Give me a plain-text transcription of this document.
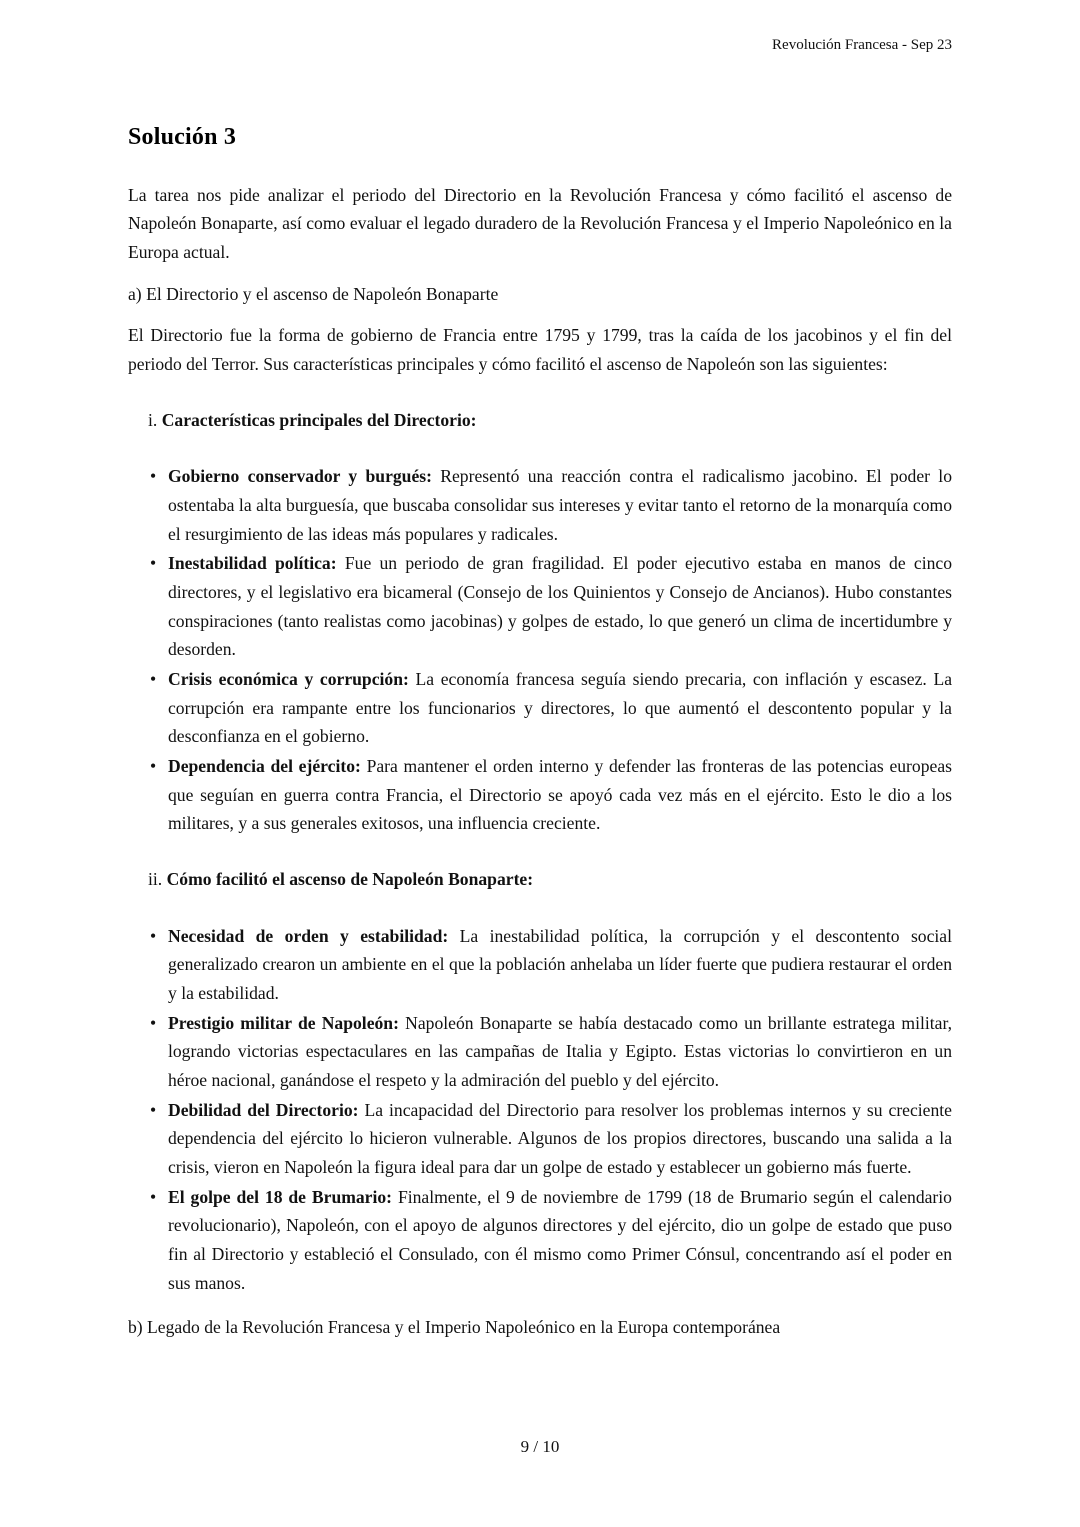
Revolución Francesa - Sep 23
Solución 3

La tarea nos pide analizar el periodo del Directorio en la Revolución Francesa y cómo facilitó el ascenso de Napoleón Bonaparte, así como evaluar el legado duradero de la Revolución Francesa y el Imperio Napoleónico en la Europa actual.

a) El Directorio y el ascenso de Napoleón Bonaparte

El Directorio fue la forma de gobierno de Francia entre 1795 y 1799, tras la caída de los jacobinos y el fin del periodo del Terror. Sus características principales y cómo facilitó el ascenso de Napoleón son las siguientes:

i. Características principales del Directorio:

• Gobierno conservador y burgués: Representó una reacción contra el radicalismo jacobino. El poder lo ostentaba la alta burguesía, que buscaba consolidar sus intereses y evitar tanto el retorno de la monarquía como el resurgimiento de las ideas más populares y radicales.
• Inestabilidad política: Fue un periodo de gran fragilidad. El poder ejecutivo estaba en manos de cinco directores, y el legislativo era bicameral (Consejo de los Quinientos y Consejo de Ancianos). Hubo constantes conspiraciones (tanto realistas como jacobinas) y golpes de estado, lo que generó un clima de incertidumbre y desorden.
• Crisis económica y corrupción: La economía francesa seguía siendo precaria, con inflación y escasez. La corrupción era rampante entre los funcionarios y directores, lo que aumentó el descontento popular y la desconfianza en el gobierno.
• Dependencia del ejército: Para mantener el orden interno y defender las fronteras de las potencias europeas que seguían en guerra contra Francia, el Directorio se apoyó cada vez más en el ejército. Esto le dio a los militares, y a sus generales exitosos, una influencia creciente.

ii. Cómo facilitó el ascenso de Napoleón Bonaparte:

• Necesidad de orden y estabilidad: La inestabilidad política, la corrupción y el descontento social generalizado crearon un ambiente en el que la población anhelaba un líder fuerte que pudiera restaurar el orden y la estabilidad.
• Prestigio militar de Napoleón: Napoleón Bonaparte se había destacado como un brillante estratega militar, logrando victorias espectaculares en las campañas de Italia y Egipto. Estas victorias lo convirtieron en un héroe nacional, ganándose el respeto y la admiración del pueblo y del ejército.
• Debilidad del Directorio: La incapacidad del Directorio para resolver los problemas internos y su creciente dependencia del ejército lo hicieron vulnerable. Algunos de los propios directores, buscando una salida a la crisis, vieron en Napoleón la figura ideal para dar un golpe de estado y establecer un gobierno más fuerte.
• El golpe del 18 de Brumario: Finalmente, el 9 de noviembre de 1799 (18 de Brumario según el calendario revolucionario), Napoleón, con el apoyo de algunos directores y del ejército, dio un golpe de estado que puso fin al Directorio y estableció el Consulado, con él mismo como Primer Cónsul, concentrando así el poder en sus manos.

b) Legado de la Revolución Francesa y el Imperio Napoleónico en la Europa contemporánea

9 / 10
